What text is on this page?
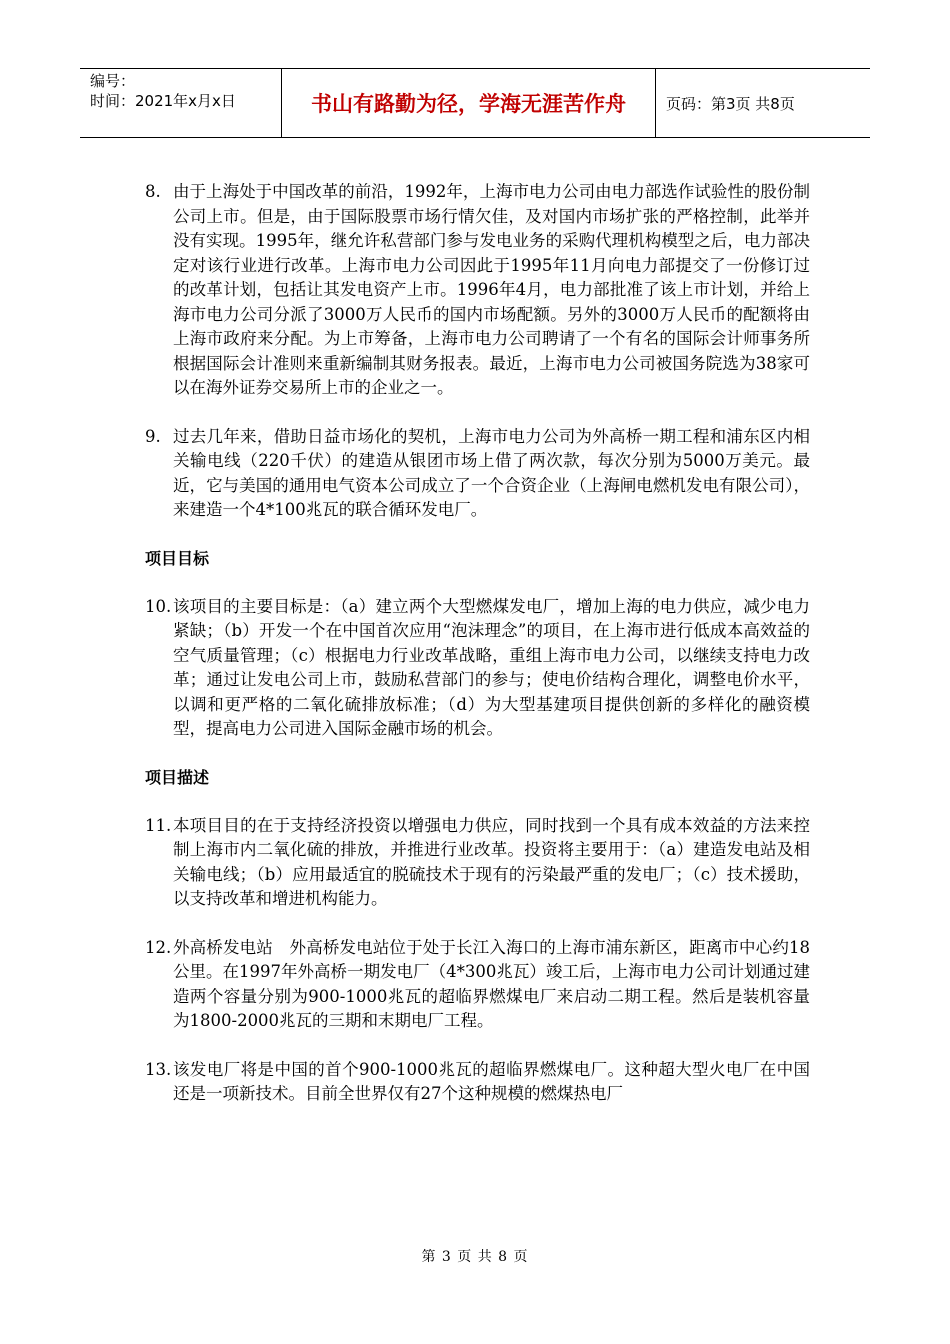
编号：
时间：2021年x月x日	书山有路勤为径，学海无涯苦作舟	页码：第3页 共8页
8. 由于上海处于中国改革的前沿，1992年，上海市电力公司由电力部选作试验性的股份制公司上市。但是，由于国际股票市场行情欠佳，及对国内市场扩张的严格控制，此举并没有实现。1995年，继允许私营部门参与发电业务的采购代理机构模型之后，电力部决定对该行业进行改革。上海市电力公司因此于1995年11月向电力部提交了一份修订过的改革计划，包括让其发电资产上市。1996年4月，电力部批准了该上市计划，并给上海市电力公司分派了3000万人民币的国内市场配额。另外的3000万人民币的配额将由上海市政府来分配。为上市筹备，上海市电力公司聘请了一个有名的国际会计师事务所根据国际会计准则来重新编制其财务报表。最近，上海市电力公司被国务院选为38家可以在海外证券交易所上市的企业之一。
9. 过去几年来，借助日益市场化的契机，上海市电力公司为外高桥一期工程和浦东区内相关输电线（220千伏）的建造从银团市场上借了两次款，每次分别为5000万美元。最近，它与美国的通用电气资本公司成立了一个合资企业（上海闸电燃机发电有限公司），来建造一个4*100兆瓦的联合循环发电厂。
项目目标
10. 该项目的主要目标是：（a）建立两个大型燃煤发电厂，增加上海的电力供应，减少电力紧缺；（b）开发一个在中国首次应用“泡沫理念”的项目，在上海市进行低成本高效益的空气质量管理；（c）根据电力行业改革战略，重组上海市电力公司，以继续支持电力改革；通过让发电公司上市，鼓励私营部门的参与；使电价结构合理化，调整电价水平，以调和更严格的二氧化硫排放标准；（d）为大型基建项目提供创新的多样化的融资模型，提高电力公司进入国际金融市场的机会。
项目描述
11. 本项目目的在于支持经济投资以增强电力供应，同时找到一个具有成本效益的方法来控制上海市内二氧化硫的排放，并推进行业改革。投资将主要用于：（a）建造发电站及相关输电线；（b）应用最适宜的脱硫技术于现有的污染最严重的发电厂；（c）技术援助，以支持改革和增进机构能力。
12. 外高桥发电站　外高桥发电站位于处于长江入海口的上海市浦东新区，距离市中心约18公里。在1997年外高桥一期发电厂（4*300兆瓦）竣工后，上海市电力公司计划通过建造两个容量分别为900-1000兆瓦的超临界燃煤电厂来启动二期工程。然后是装机容量为1800-2000兆瓦的三期和末期电厂工程。
13. 该发电厂将是中国的首个900-1000兆瓦的超临界燃煤电厂。这种超大型火电厂在中国还是一项新技术。目前全世界仅有27个这种规模的燃煤热电厂
第 3 页 共 8 页
